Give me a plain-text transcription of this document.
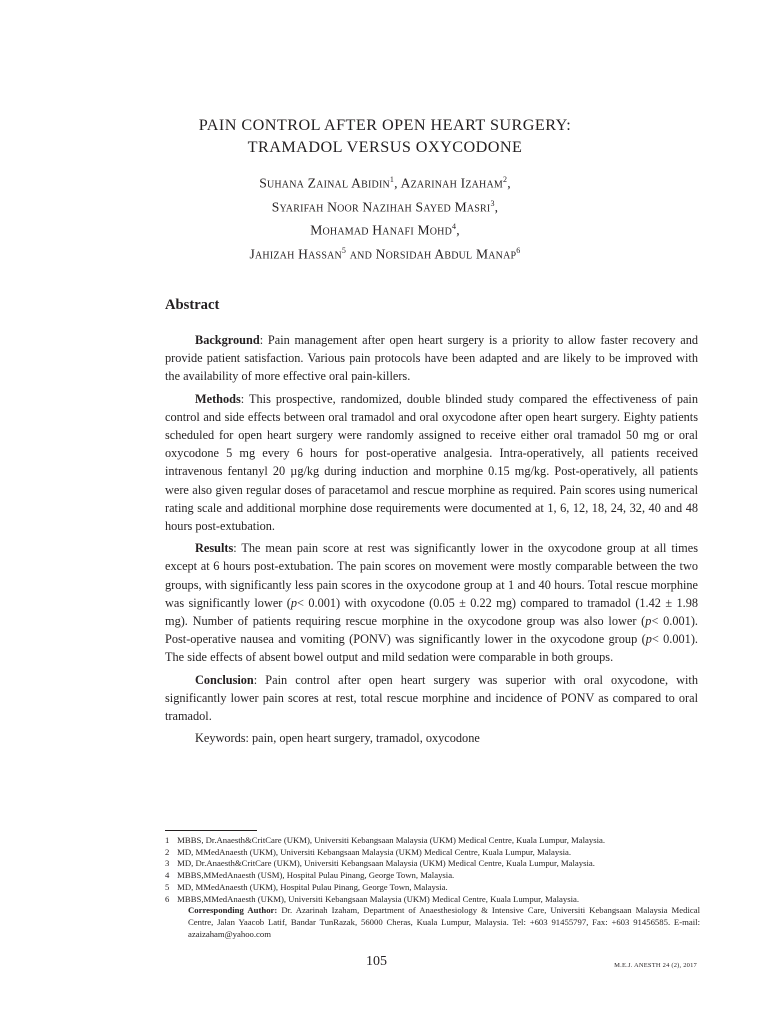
PAIN CONTROL AFTER OPEN HEART SURGERY:
TRAMADOL VERSUS OXYCODONE
Suhana Zainal Abidin$^1$, Azarinah Izaham$^2$,
Syarifah Noor Nazihah Sayed Masri$^3$,
Mohamad Hanafi Mohd$^4$,
Jahizah Hassan$^5$ and Norsidah Abdul Manap$^6$
Abstract

Background: Pain management after open heart surgery is a priority to allow faster recovery and provide patient satisfaction. Various pain protocols have been adapted and are likely to be improved with the availability of more effective oral pain-killers.

Methods: This prospective, randomized, double blinded study compared the effectiveness of pain control and side effects between oral tramadol and oral oxycodone after open heart surgery. Eighty patients scheduled for open heart surgery were randomly assigned to receive either oral tramadol 50 mg or oral oxycodone 5 mg every 6 hours for post-operative analgesia. Intra-operatively, all patients received intravenous fentanyl 20 µg/kg during induction and morphine 0.15 mg/kg. Post-operatively, all patients were also given regular doses of paracetamol and rescue morphine as required. Pain scores using numerical rating scale and additional morphine dose requirements were documented at 1, 6, 12, 18, 24, 32, 40 and 48 hours post-extubation.

Results: The mean pain score at rest was significantly lower in the oxycodone group at all times except at 6 hours post-extubation. The pain scores on movement were mostly comparable between the two groups, with significantly less pain scores in the oxycodone group at 1 and 40 hours. Total rescue morphine was significantly lower (p< 0.001) with oxycodone (0.05 ± 0.22 mg) compared to tramadol (1.42 ± 1.98 mg). Number of patients requiring rescue morphine in the oxycodone group was also lower (p< 0.001). Post-operative nausea and vomiting (PONV) was significantly lower in the oxycodone group (p< 0.001). The side effects of absent bowel output and mild sedation were comparable in both groups.

Conclusion: Pain control after open heart surgery was superior with oral oxycodone, with significantly lower pain scores at rest, total rescue morphine and incidence of PONV as compared to oral tramadol.

Keywords: pain, open heart surgery, tramadol, oxycodone

1 MBBS, Dr.Anaesth&CritCare (UKM), Universiti Kebangsaan Malaysia (UKM) Medical Centre, Kuala Lumpur, Malaysia.
2 MD, MMedAnaesth (UKM), Universiti Kebangsaan Malaysia (UKM) Medical Centre, Kuala Lumpur, Malaysia.
3 MD, Dr.Anaesth&CritCare (UKM), Universiti Kebangsaan Malaysia (UKM) Medical Centre, Kuala Lumpur, Malaysia.
4 MBBS,MMedAnaesth (USM), Hospital Pulau Pinang, George Town, Malaysia.
5 MD, MMedAnaesth (UKM), Hospital Pulau Pinang, George Town, Malaysia.
6 MBBS,MMedAnaesth (UKM), Universiti Kebangsaan Malaysia (UKM) Medical Centre, Kuala Lumpur, Malaysia.
Corresponding Author: Dr. Azarinah Izaham, Department of Anaesthesiology & Intensive Care, Universiti Kebangsaan Malaysia Medical Centre, Jalan Yaacob Latif, Bandar TunRazak, 56000 Cheras, Kuala Lumpur, Malaysia. Tel: +603 91455797, Fax: +603 91456585. E-mail: azaizaham@yahoo.com
105	M.E.J. ANESTH 24 (2), 2017
